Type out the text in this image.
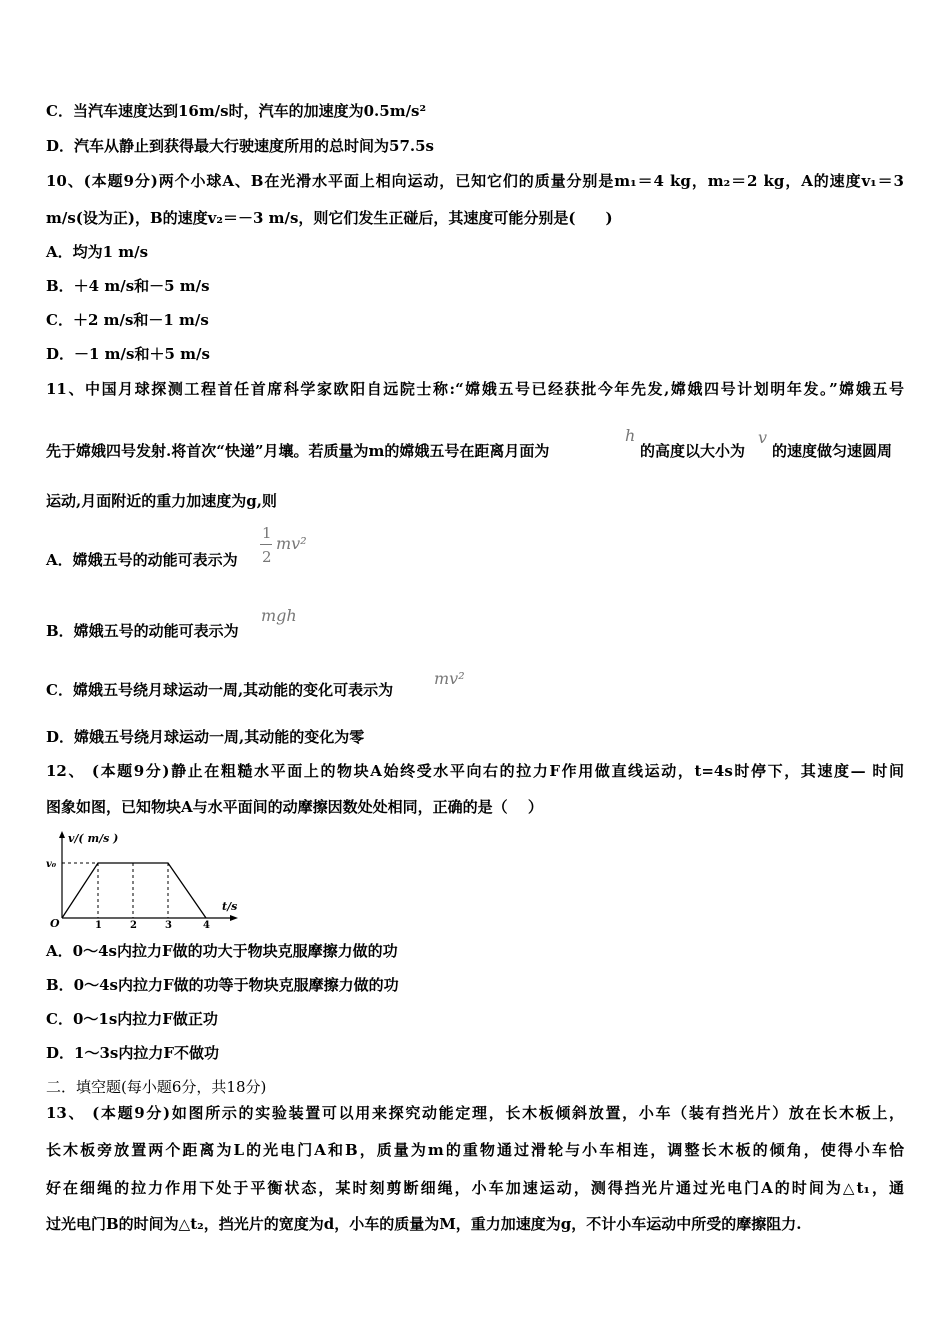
C．当汽车速度达到16m/s时，汽车的加速度为0.5m/s²
D．汽车从静止到获得最大行驶速度所用的总时间为57.5s
10、(本题9分)两个小球A、B在光滑水平面上相向运动，已知它们的质量分别是m₁＝4 kg，m₂＝2 kg，A的速度v₁＝3
m/s(设为正)，B的速度v₂＝－3 m/s，则它们发生正碰后，其速度可能分别是(　　)
A．均为1 m/s
B．＋4 m/s和－5 m/s
C．＋2 m/s和－1 m/s
D．－1 m/s和＋5 m/s
11、中国月球探测工程首任首席科学家欧阳自远院士称:“嫦娥五号已经获批今年先发,嫦娥四号计划明年发。”嫦娥五号
先于嫦娥四号发射.将首次“快递”月壤。若质量为m的嫦娥五号在距离月面为
h
的高度以大小为
v
的速度做匀速圆周
运动,月面附近的重力加速度为g,则
A．嫦娥五号的动能可表示为
1
2
mv²
B．嫦娥五号的动能可表示为
mgh
C．嫦娥五号绕月球运动一周,其动能的变化可表示为
mv²
D．嫦娥五号绕月球运动一周,其动能的变化为零
12、 (本题9分)静止在粗糙水平面上的物块A始终受水平向右的拉力F作用做直线运动，t=4s时停下，其速度— 时间
图象如图，已知物块A与水平面间的动摩擦因数处处相同，正确的是（　 ）
v/( m/s )
v₀
O	1	2	3	4
t/s
A．0～4s内拉力F做的功大于物块克服摩擦力做的功
B．0～4s内拉力F做的功等于物块克服摩擦力做的功
C．0～1s内拉力F做正功
D．1～3s内拉力F不做功
二．填空题(每小题6分，共18分)
13、 (本题9分)如图所示的实验装置可以用来探究动能定理，长木板倾斜放置，小车（装有挡光片）放在长木板上，
长木板旁放置两个距离为L的光电门A和B，质量为m的重物通过滑轮与小车相连，调整长木板的倾角，使得小车恰
好在细绳的拉力作用下处于平衡状态，某时刻剪断细绳，小车加速运动，测得挡光片通过光电门A的时间为△t₁，通
过光电门B的时间为△t₂，挡光片的宽度为d，小车的质量为M，重力加速度为g，不计小车运动中所受的摩擦阻力.
